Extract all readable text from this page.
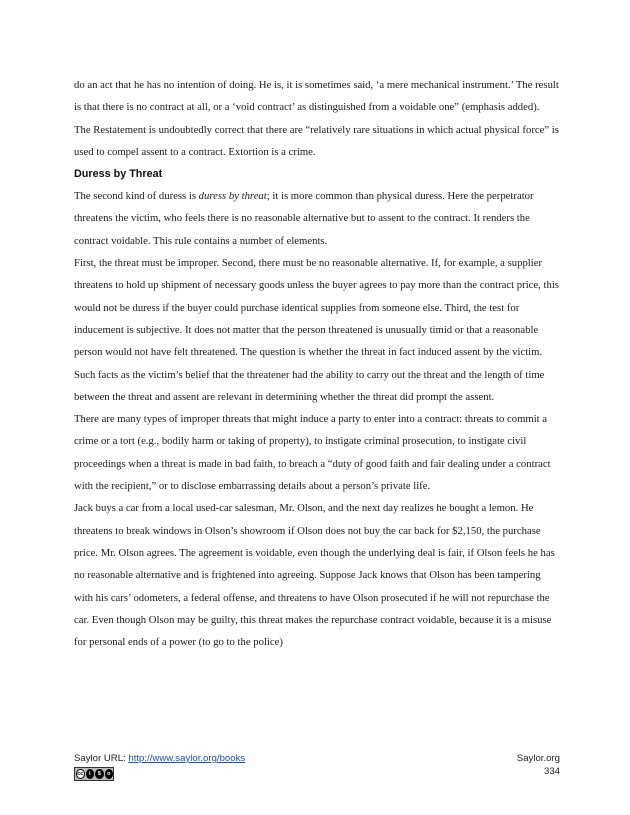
do an act that he has no intention of doing. He is, it is sometimes said, ‘a mere mechanical instrument.’ The result is that there is no contract at all, or a ‘void contract’ as distinguished from a voidable one” (emphasis added).

The Restatement is undoubtedly correct that there are “relatively rare situations in which actual physical force” is used to compel assent to a contract. Extortion is a crime.

Duress by Threat

The second kind of duress is duress by threat; it is more common than physical duress. Here the perpetrator threatens the victim, who feels there is no reasonable alternative but to assent to the contract. It renders the contract voidable. This rule contains a number of elements.

First, the threat must be improper. Second, there must be no reasonable alternative. If, for example, a supplier threatens to hold up shipment of necessary goods unless the buyer agrees to pay more than the contract price, this would not be duress if the buyer could purchase identical supplies from someone else. Third, the test for inducement is subjective. It does not matter that the person threatened is unusually timid or that a reasonable person would not have felt threatened. The question is whether the threat in fact induced assent by the victim. Such facts as the victim’s belief that the threatener had the ability to carry out the threat and the length of time between the threat and assent are relevant in determining whether the threat did prompt the assent.

There are many types of improper threats that might induce a party to enter into a contract: threats to commit a crime or a tort (e.g., bodily harm or taking of property), to instigate criminal prosecution, to instigate civil proceedings when a threat is made in bad faith, to breach a “duty of good faith and fair dealing under a contract with the recipient,” or to disclose embarrassing details about a person’s private life.

Jack buys a car from a local used-car salesman, Mr. Olson, and the next day realizes he bought a lemon. He threatens to break windows in Olson’s showroom if Olson does not buy the car back for $2,150, the purchase price. Mr. Olson agrees. The agreement is voidable, even though the underlying deal is fair, if Olson feels he has no reasonable alternative and is frightened into agreeing. Suppose Jack knows that Olson has been tampering with his cars’ odometers, a federal offense, and threatens to have Olson prosecuted if he will not repurchase the car. Even though Olson may be guilty, this threat makes the repurchase contract voidable, because it is a misuse for personal ends of a power (to go to the police)

Saylor URL: http://www.saylor.org/books	Saylor.org
334
cc	i	$	o
